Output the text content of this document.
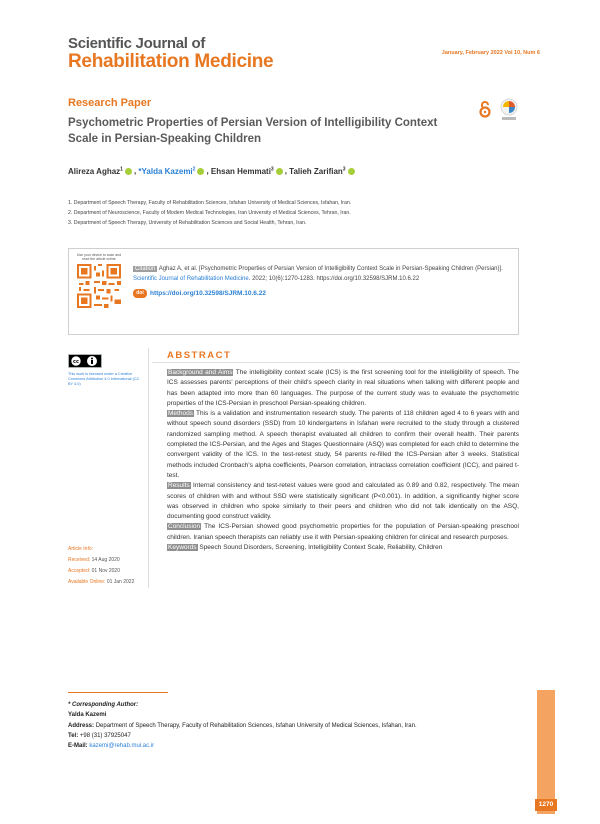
Scientific Journal of
Rehabilitation Medicine	January, February 2022 Vol 10, Num 6
Research Paper
Psychometric Properties of Persian Version of Intelligibility Context Scale in Persian-Speaking Children
Alireza Aghaz$^1$ , *Yalda Kazemi$^2$ , Ehsan Hemmati$^3$ , Talieh Zarifian$^3$
1. Department of Speech Therapy, Faculty of Rehabilitation Sciences, Isfahan University of Medical Sciences, Isfahan, Iran.
2. Department of Neuroscience, Faculty of Modern Medical Technologies, Iran University of Medical Sciences, Tehran, Iran.
3. Department of Speech Therapy, University of Rehabilitation Sciences and Social Health, Tehran, Iran.
Use your device to scan and read the article online
Citation Aghaz A, et al. [Psychometric Properties of Persian Version of Intelligibility Context Scale in Persian-Speaking Children (Persian)]. Scientific Journal of Rehabilitation Medicine. 2022; 10(6):1270-1283. https://doi.org/10.32598/SJRM.10.6.22
doi https://doi.org/10.32598/SJRM.10.6.22
cc
This work is licensed under a Creative Commons Attribution 4.0 International (CC BY 4.0)
Article Info:
Received: 14 Aug 2020
Accepted: 01 Nov 2020
Available Online: 01 Jan 2022
ABSTRACT
Background and Aims The intelligibility context scale (ICS) is the first screening tool for the intelligibility of speech. The ICS assesses parents' perceptions of their child's speech clarity in real situations when talking with different people and has been adapted into more than 60 languages. The purpose of the current study was to evaluate the psychometric properties of the ICS-Persian in preschool Persian-speaking children.
Methods This is a validation and instrumentation research study. The parents of 118 children aged 4 to 6 years with and without speech sound disorders (SSD) from 10 kindergartens in Isfahan were recruited to the study through a clustered randomized sampling method. A speech therapist evaluated all children to confirm their overall health. Their parents completed the ICS-Persian, and the Ages and Stages Questionnaire (ASQ) was completed for each child to determine the convergent validity of the ICS. In the test-retest study, 54 parents re-filled the ICS-Persian after 3 weeks. Statistical methods included Cronbach's alpha coefficients, Pearson correlation, intraclass correlation coefficient (ICC), and paired t-test.
Results Internal consistency and test-retest values were good and calculated as 0.89 and 0.82, respectively. The mean scores of children with and without SSD were statistically significant (P<0.001). In addition, a significantly higher score was observed in children who spoke similarly to their peers and children who did not talk identically on the ASQ, documenting good construct validity.
Conclusion The ICS-Persian showed good psychometric properties for the population of Persian-speaking preschool children. Iranian speech therapists can reliably use it with Persian-speaking children for clinical and research purposes.
Keywords Speech Sound Disorders, Screening, Intelligibility Context Scale, Reliability, Children
* Corresponding Author:
Yalda Kazemi
Address: Department of Speech Therapy, Faculty of Rehabilitation Sciences, Isfahan University of Medical Sciences, Isfahan, Iran.
Tel: +98 (31) 37925047
E-Mail: kazemi@rehab.mui.ac.ir
1270
